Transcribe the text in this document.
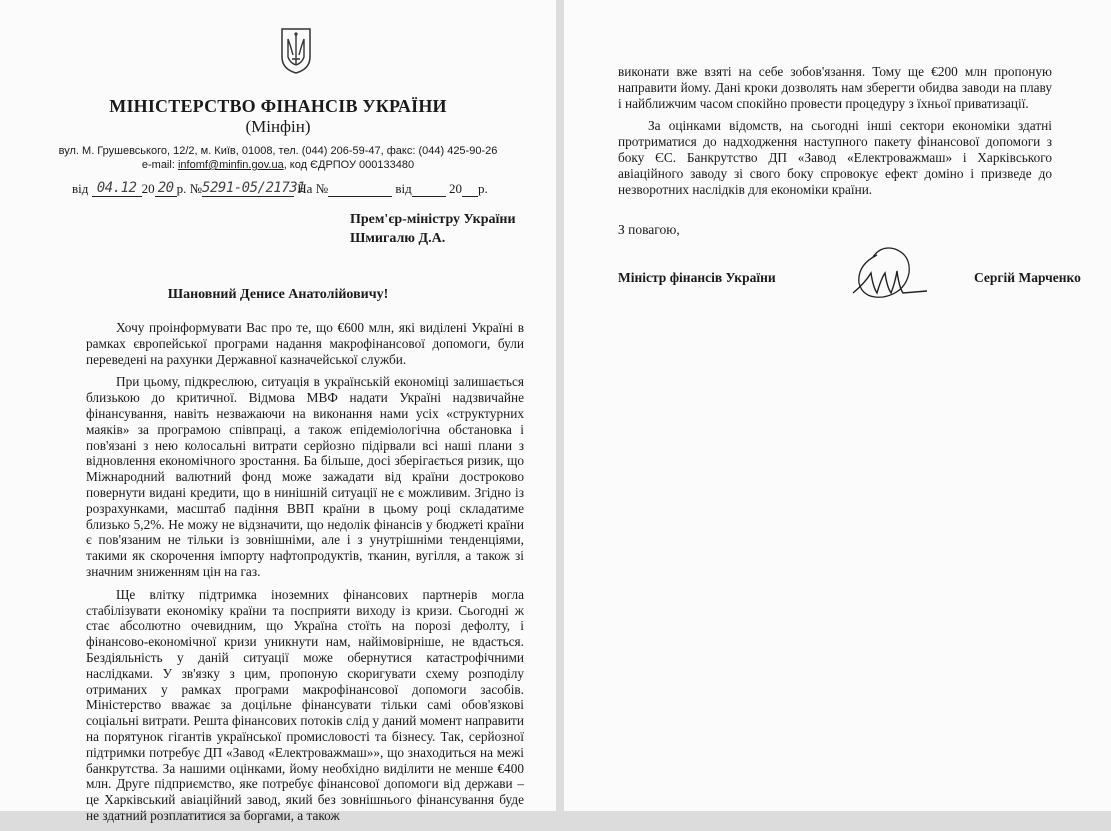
МІНІСТЕРСТВО ФІНАНСІВ УКРАЇНИ
(Мінфін)
вул. М. Грушевського, 12/2, м. Київ, 01008, тел. (044) 206-59-47, факс: (044) 425-90-26
e-mail: infomf@minfin.gov.ua, код ЄДРПОУ 000133480
від 04.12 20 20 р. №5291-05/21731 На №	від	20 р.
Прем'єр-міністру України
Шмигалю Д.А.
Шановний Денисе Анатолійовичу!

Хочу проінформувати Вас про те, що €600 млн, які виділені Україні в рамках європейської програми надання макрофінансової допомоги, були переведені на рахунки Державної казначейської служби.

При цьому, підкреслюю, ситуація в українській економіці залишається близькою до критичної. Відмова МВФ надати Україні надзвичайне фінансування, навіть незважаючи на виконання нами усіх «структурних маяків» за програмою співпраці, а також епідеміологічна обстановка і пов'язані з нею колосальні витрати серйозно підірвали всі наші плани з відновлення економічного зростання. Ба більше, досі зберігається ризик, що Міжнародний валютний фонд може зажадати від країни достроково повернути видані кредити, що в нинішній ситуації не є можливим. Згідно із розрахунками, масштаб падіння ВВП країни в цьому році складатиме близько 5,2%. Не можу не відзначити, що недолік фінансів у бюджеті країни є пов'язаним не тільки із зовнішніми, але і з унутрішніми тенденціями, такими як скорочення імпорту нафтопродуктів, тканин, вугілля, а також зі значним зниженням цін на газ.

Ще влітку підтримка іноземних фінансових партнерів могла стабілізувати економіку країни та посприяти виходу із кризи. Сьогодні ж стає абсолютно очевидним, що Україна стоїть на порозі дефолту, і фінансово-економічної кризи уникнути нам, найімовірніше, не вдасться. Бездіяльність у даній ситуації може обернутися катастрофічними наслідками. У зв'язку з цим, пропоную скоригувати схему розподілу отриманих у рамках програми макрофінансової допомоги засобів. Міністерство вважає за доцільне фінансувати тільки самі обов'язкові соціальні витрати. Решта фінансових потоків слід у даний момент направити на порятунок гігантів української промисловості та бізнесу. Так, серйозної підтримки потребує ДП «Завод «Електроважмаш»», що знаходиться на межі банкрутства. За нашими оцінками, йому необхідно виділити не менше €400 млн. Друге підприємство, яке потребує фінансової допомоги від держави – це Харківський авіаційний завод, який без зовнішнього фінансування буде не здатний розплатитися за боргами, а також

виконати вже взяті на себе зобов'язання. Тому ще €200 млн пропоную направити йому. Дані кроки дозволять нам зберегти обидва заводи на плаву і найближчим часом спокійно провести процедуру з їхньої приватизації.

За оцінками відомств, на сьогодні інші сектори економіки здатні протриматися до надходження наступного пакету фінансової допомоги з боку ЄС. Банкрутство ДП «Завод «Електроважмаш» і Харківського авіаційного заводу зі свого боку спровокує ефект доміно і призведе до незворотних наслідків для економіки країни.

З повагою,
Міністр фінансів України	Сергій Марченко
